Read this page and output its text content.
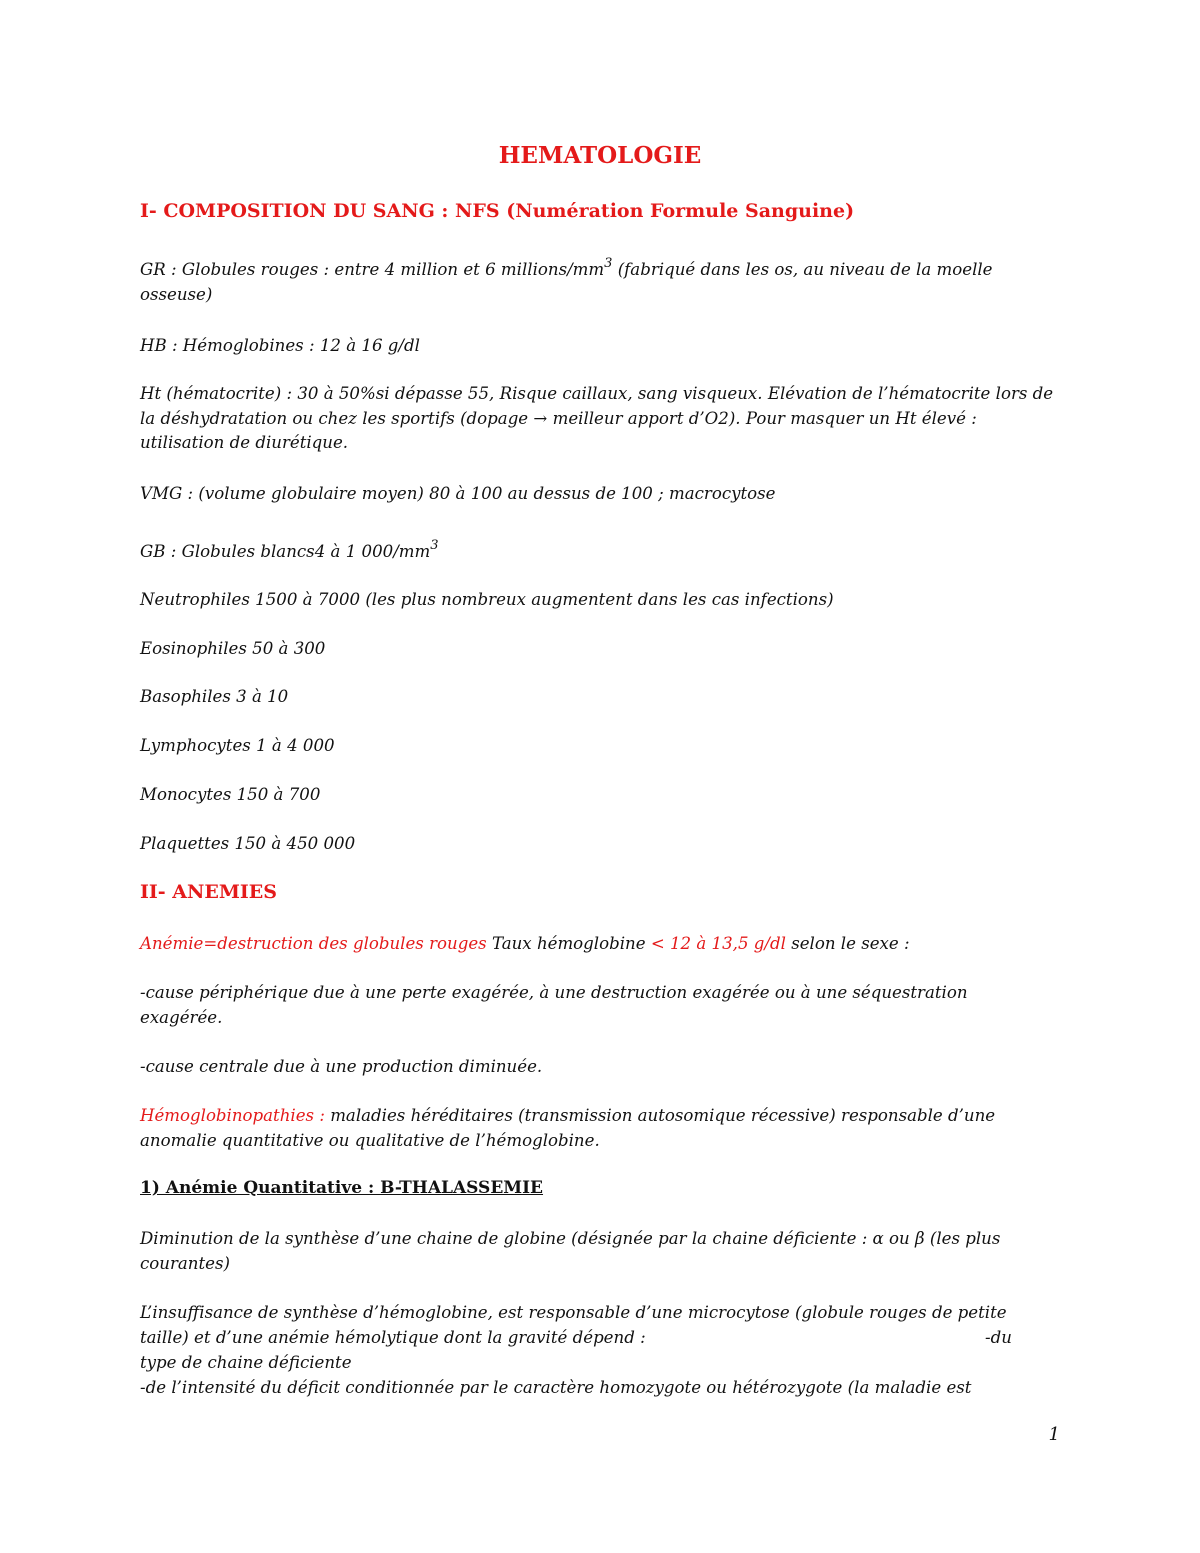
HEMATOLOGIE
I- COMPOSITION DU SANG : NFS (Numération Formule Sanguine)

GR : Globules rouges : entre 4 million et 6 millions/$mm^3$ (fabriqué dans les os, au niveau de la moelle osseuse)

HB : Hémoglobines : 12 à 16 g/dl

Ht (hématocrite) : 30 à 50%si dépasse 55, Risque caillaux, sang visqueux. Elévation de l’hématocrite lors de la déshydratation ou chez les sportifs (dopage → meilleur apport d’O2). Pour masquer un Ht élevé : utilisation de diurétique.

VMG : (volume globulaire moyen) 80 à 100 au dessus de 100 ; macrocytose

GB : Globules blancs4 à 1 $000/mm^3$

Neutrophiles 1500 à 7000 (les plus nombreux augmentent dans les cas infections)

Eosinophiles 50 à 300

Basophiles 3 à 10

Lymphocytes 1 à 4 000

Monocytes 150 à 700

Plaquettes 150 à 450 000

II- ANEMIES

Anémie=destruction des globules rouges Taux hémoglobine < 12 à 13,5 g/dl selon le sexe :

-cause périphérique due à une perte exagérée, à une destruction exagérée ou à une séquestration exagérée.

-cause centrale due à une production diminuée.

Hémoglobinopathies : maladies héréditaires (transmission autosomique récessive) responsable d’une anomalie quantitative ou qualitative de l’hémoglobine.

1) Anémie Quantitative : B-THALASSEMIE

Diminution de la synthèse d’une chaine de globine (désignée par la chaine déficiente : α ou β (les plus courantes)

L’insuffisance de synthèse d’hémoglobine, est responsable d’une microcytose (globule rouges de petite

taille) et d’une anémie hémolytique dont la gravité dépend :	-du

type de chaine déficiente

-de l’intensité du déficit conditionnée par le caractère homozygote ou hétérozygote (la maladie est

1
